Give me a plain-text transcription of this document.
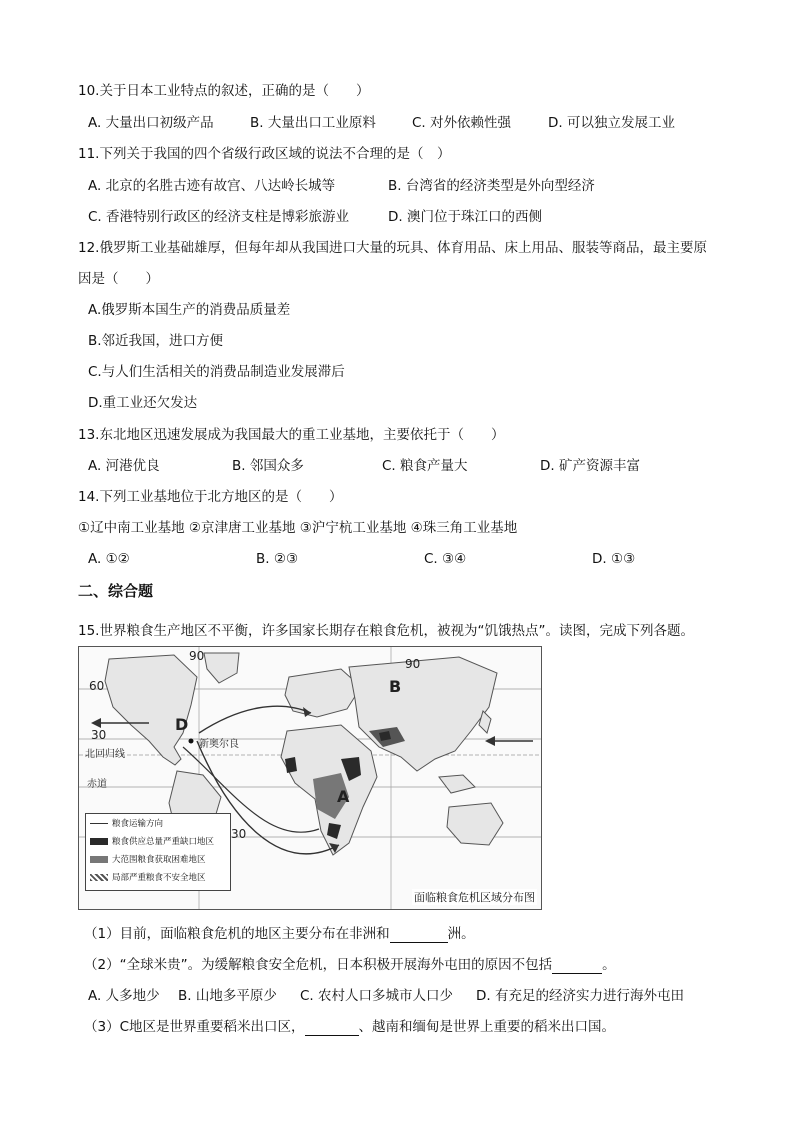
10.关于日本工业特点的叙述，正确的是（　　）
A. 大量出口初级产品	B. 大量出口工业原料	C. 对外依赖性强	D. 可以独立发展工业
11.下列关于我国的四个省级行政区域的说法不合理的是（　）
A. 北京的名胜古迹有故宫、八达岭长城等	B. 台湾省的经济类型是外向型经济
C. 香港特别行政区的经济支柱是博彩旅游业	D. 澳门位于珠江口的西侧
12.俄罗斯工业基础雄厚，但每年却从我国进口大量的玩具、体育用品、床上用品、服装等商品，最主要原
因是（　　）
A.俄罗斯本国生产的消费品质量差
B.邻近我国，进口方便
C.与人们生活相关的消费品制造业发展滞后
D.重工业还欠发达
13.东北地区迅速发展成为我国最大的重工业基地，主要依托于（　　）
A. 河港优良	B. 邻国众多	C. 粮食产量大	D. 矿产资源丰富
14.下列工业基地位于北方地区的是（　　）
①辽中南工业基地 ②京津唐工业基地 ③沪宁杭工业基地 ④珠三角工业基地
A. ①②	B. ②③	C. ③④	D. ①③
二、综合题
15.世界粮食生产地区不平衡，许多国家长期存在粮食危机，被视为“饥饿热点”。读图，完成下列各题。
90
90
60
30
北回归线
赤道
30
新奥尔良
A
B
D
粮食运输方向
粮食供应总量严重缺口地区
大范围粮食获取困难地区
局部严重粮食不安全地区
面临粮食危机区域分布图
（1）目前，面临粮食危机的地区主要分布在非洲和	洲。
（2）“全球米贵”。为缓解粮食安全危机，日本积极开展海外屯田的原因不包括	。
A. 人多地少 B. 山地多平原少 C. 农村人口多城市人口少 D. 有充足的经济实力进行海外屯田
（3）C地区是世界重要稻米出口区，	、越南和缅甸是世界上重要的稻米出口国。
